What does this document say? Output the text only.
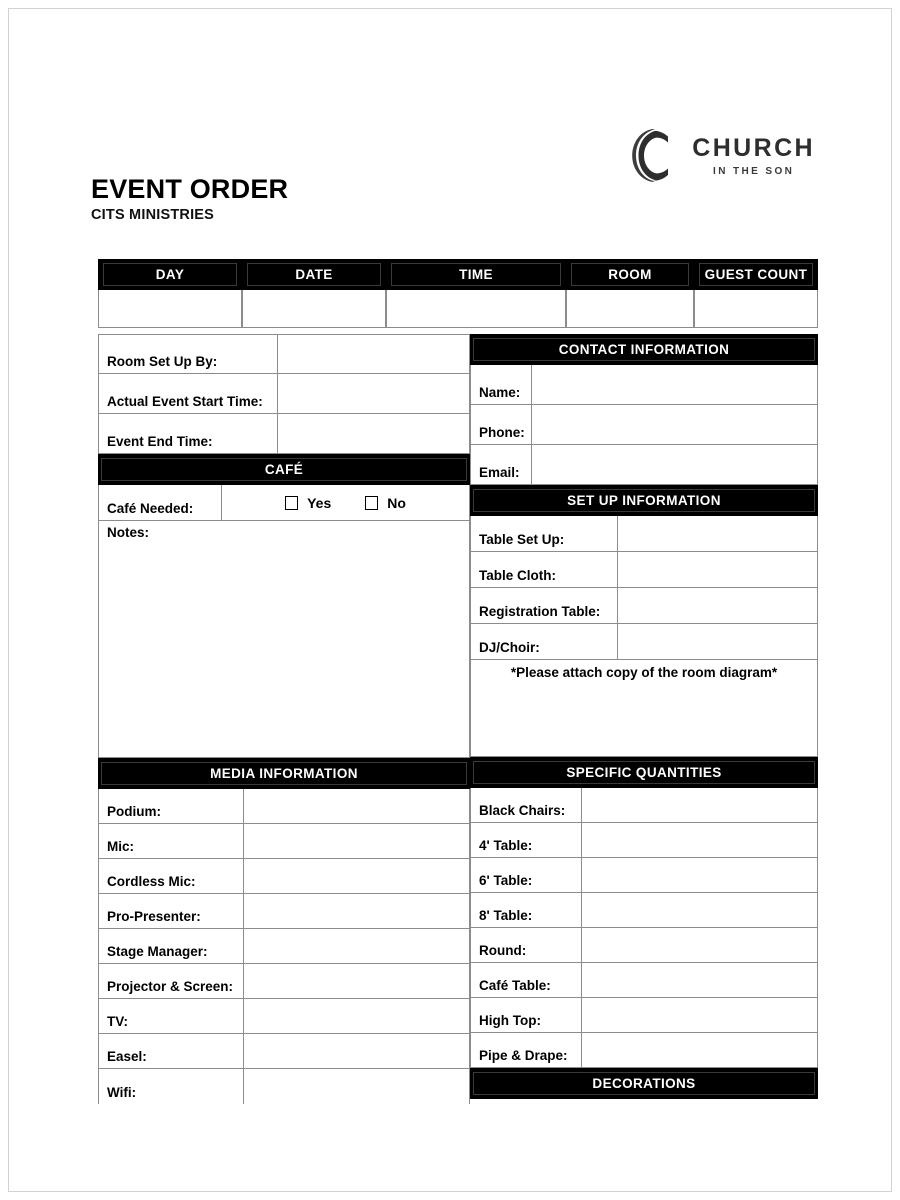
EVENT ORDER
CITS MINISTRIES
CHURCH
IN THE SON
DAY	DATE	TIME	ROOM	GUEST COUNT
Room Set Up By:
Actual Event Start Time:
Event End Time:
CAFÉ
Café Needed:	Yes	No
Notes:
MEDIA INFORMATION
Podium:
Mic:
Cordless Mic:
Pro-Presenter:
Stage Manager:
Projector & Screen:
TV:
Easel:
Wifi:
CONTACT INFORMATION
Name:
Phone:
Email:
SET UP INFORMATION
Table Set Up:
Table Cloth:
Registration Table:
DJ/Choir:
*Please attach copy of the room diagram*
SPECIFIC QUANTITIES
Black Chairs:
4' Table:
6' Table:
8' Table:
Round:
Café Table:
High Top:
Pipe & Drape:
DECORATIONS
